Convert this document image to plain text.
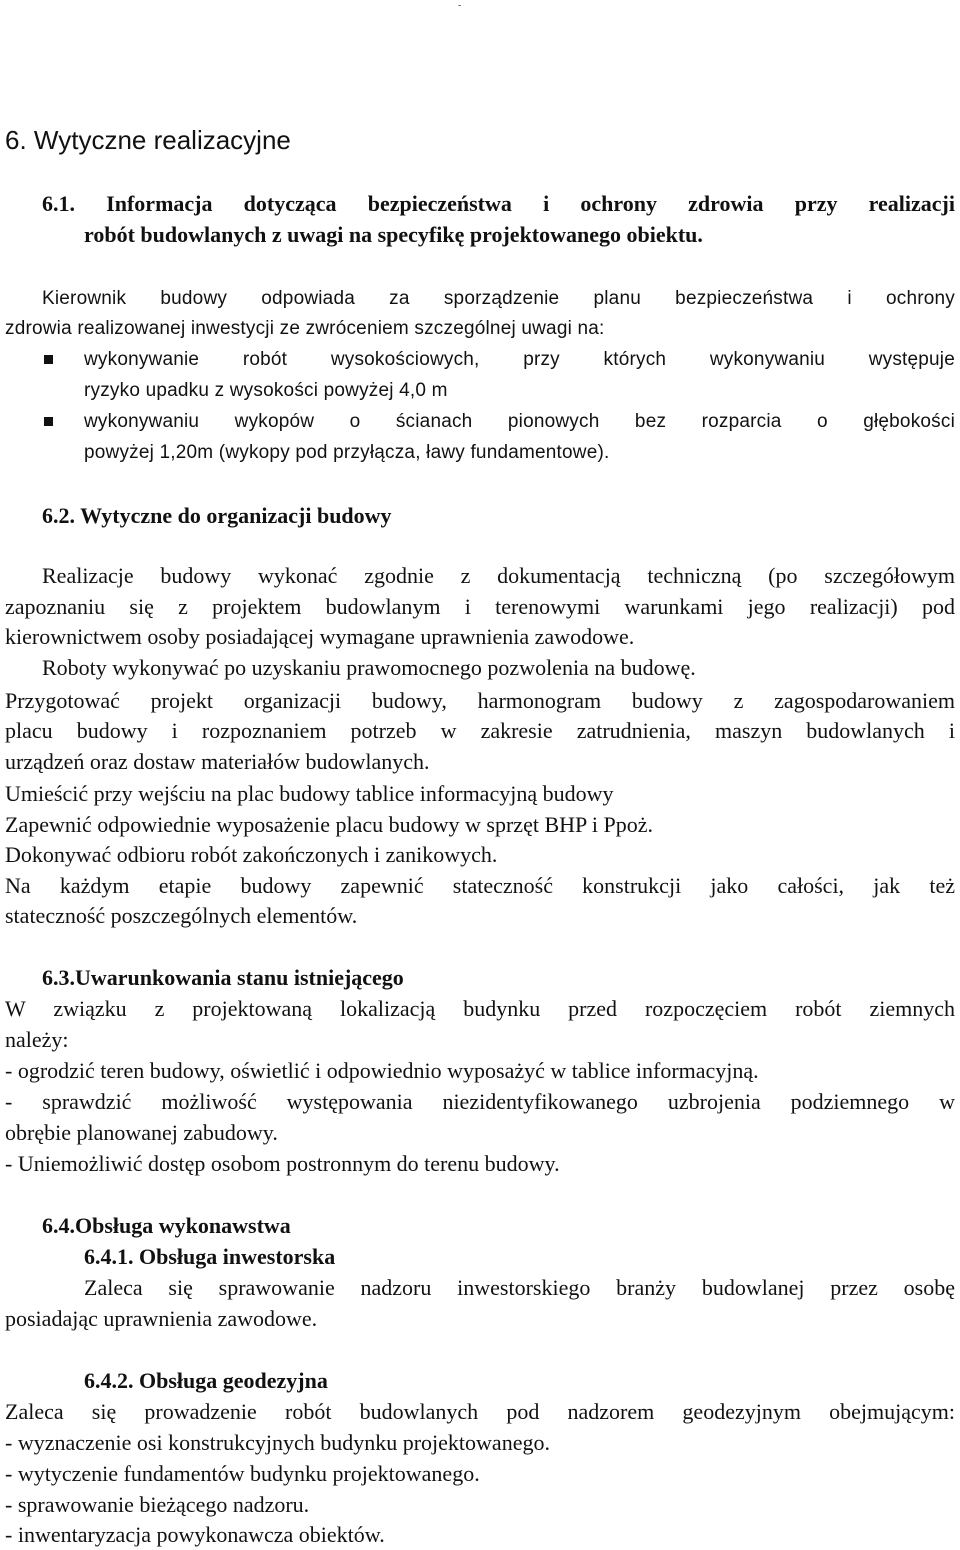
-
6. Wytyczne realizacyjne
6.1. Informacja dotycząca bezpieczeństwa i ochrony zdrowia przy realizacji
robót budowlanych z uwagi na specyfikę projektowanego obiektu.
Kierownik budowy odpowiada za sporządzenie planu bezpieczeństwa i ochrony
zdrowia realizowanej inwestycji ze zwróceniem szczególnej uwagi na:
wykonywanie robót wysokościowych, przy których wykonywaniu występuje
ryzyko upadku z wysokości powyżej 4,0 m
wykonywaniu wykopów o ścianach pionowych bez rozparcia o głębokości
powyżej 1,20m (wykopy pod przyłącza, ławy fundamentowe).
6.2. Wytyczne do organizacji budowy
Realizacje budowy wykonać zgodnie z dokumentacją techniczną (po szczegółowym
zapoznaniu się z projektem budowlanym i terenowymi warunkami jego realizacji) pod
kierownictwem osoby posiadającej wymagane uprawnienia zawodowe.
Roboty wykonywać po uzyskaniu prawomocnego pozwolenia na budowę.
Przygotować projekt organizacji budowy, harmonogram budowy z zagospodarowaniem
placu budowy i rozpoznaniem potrzeb w zakresie zatrudnienia, maszyn budowlanych i
urządzeń oraz dostaw materiałów budowlanych.
Umieścić przy wejściu na plac budowy tablice informacyjną budowy
Zapewnić odpowiednie wyposażenie placu budowy w sprzęt BHP i Ppoż.
Dokonywać odbioru robót zakończonych i zanikowych.
Na każdym etapie budowy zapewnić stateczność konstrukcji jako całości, jak też
stateczność poszczególnych elementów.
6.3.Uwarunkowania stanu istniejącego
W związku z projektowaną lokalizacją budynku przed rozpoczęciem robót ziemnych
należy:
- ogrodzić teren budowy, oświetlić i odpowiednio wyposażyć w tablice informacyjną.
- sprawdzić możliwość występowania niezidentyfikowanego uzbrojenia podziemnego w
obrębie planowanej zabudowy.
- Uniemożliwić dostęp osobom postronnym do terenu budowy.
6.4.Obsługa wykonawstwa
6.4.1. Obsługa inwestorska
Zaleca się sprawowanie nadzoru inwestorskiego branży budowlanej przez osobę
posiadając uprawnienia zawodowe.
6.4.2. Obsługa geodezyjna
Zaleca się prowadzenie robót budowlanych pod nadzorem geodezyjnym obejmującym:
- wyznaczenie osi konstrukcyjnych budynku projektowanego.
- wytyczenie fundamentów budynku projektowanego.
- sprawowanie bieżącego nadzoru.
- inwentaryzacja powykonawcza obiektów.
